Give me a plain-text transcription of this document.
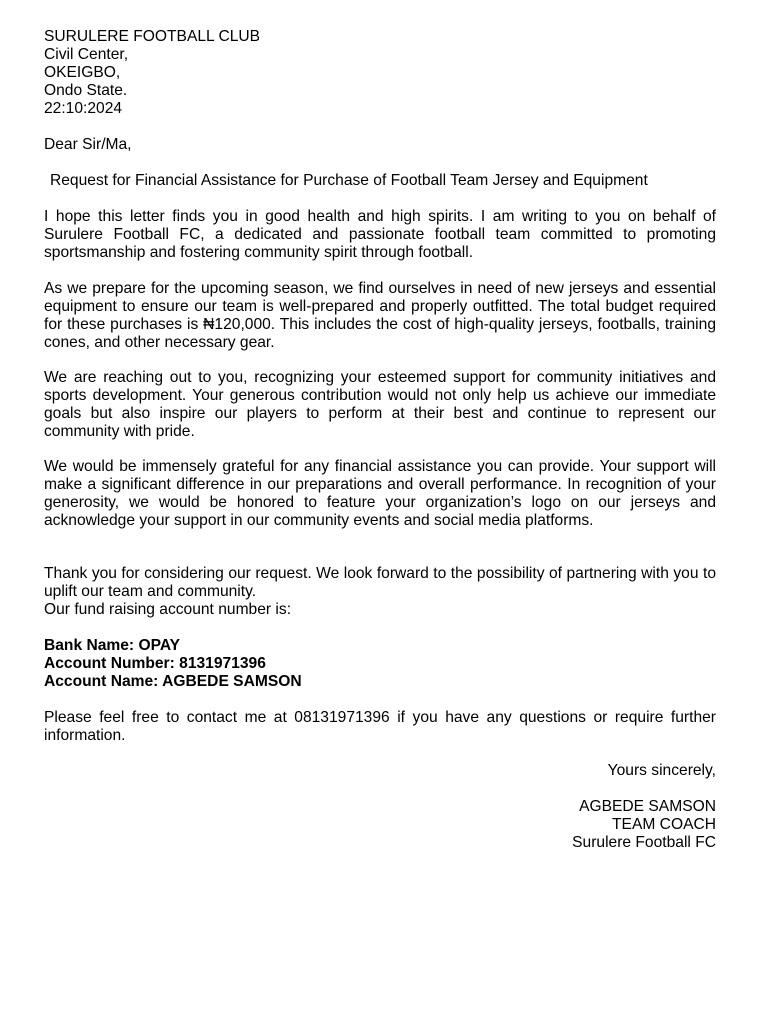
SURULERE FOOTBALL CLUB
Civil Center,
OKEIGBO,
Ondo State.
22:10:2024
Dear Sir/Ma,
Request for Financial Assistance for Purchase of Football Team Jersey and Equipment

I hope this letter finds you in good health and high spirits. I am writing to you on behalf of Surulere Football FC, a dedicated and passionate football team committed to promoting sportsmanship and fostering community spirit through football.

As we prepare for the upcoming season, we find ourselves in need of new jerseys and essential equipment to ensure our team is well-prepared and properly outfitted. The total budget required for these purchases is ₦120,000. This includes the cost of high-quality jerseys, footballs, training cones, and other necessary gear.

We are reaching out to you, recognizing your esteemed support for community initiatives and sports development. Your generous contribution would not only help us achieve our immediate goals but also inspire our players to perform at their best and continue to represent our community with pride.

We would be immensely grateful for any financial assistance you can provide. Your support will make a significant difference in our preparations and overall performance. In recognition of your generosity, we would be honored to feature your organization’s logo on our jerseys and acknowledge your support in our community events and social media platforms.

Thank you for considering our request. We look forward to the possibility of partnering with you to uplift our team and community.
Our fund raising account number is:
Bank Name: OPAY
Account Number: 8131971396
Account Name: AGBEDE SAMSON

Please feel free to contact me at 08131971396 if you have any questions or require further information.

Yours sincerely,
AGBEDE SAMSON
TEAM COACH
Surulere Football FC
